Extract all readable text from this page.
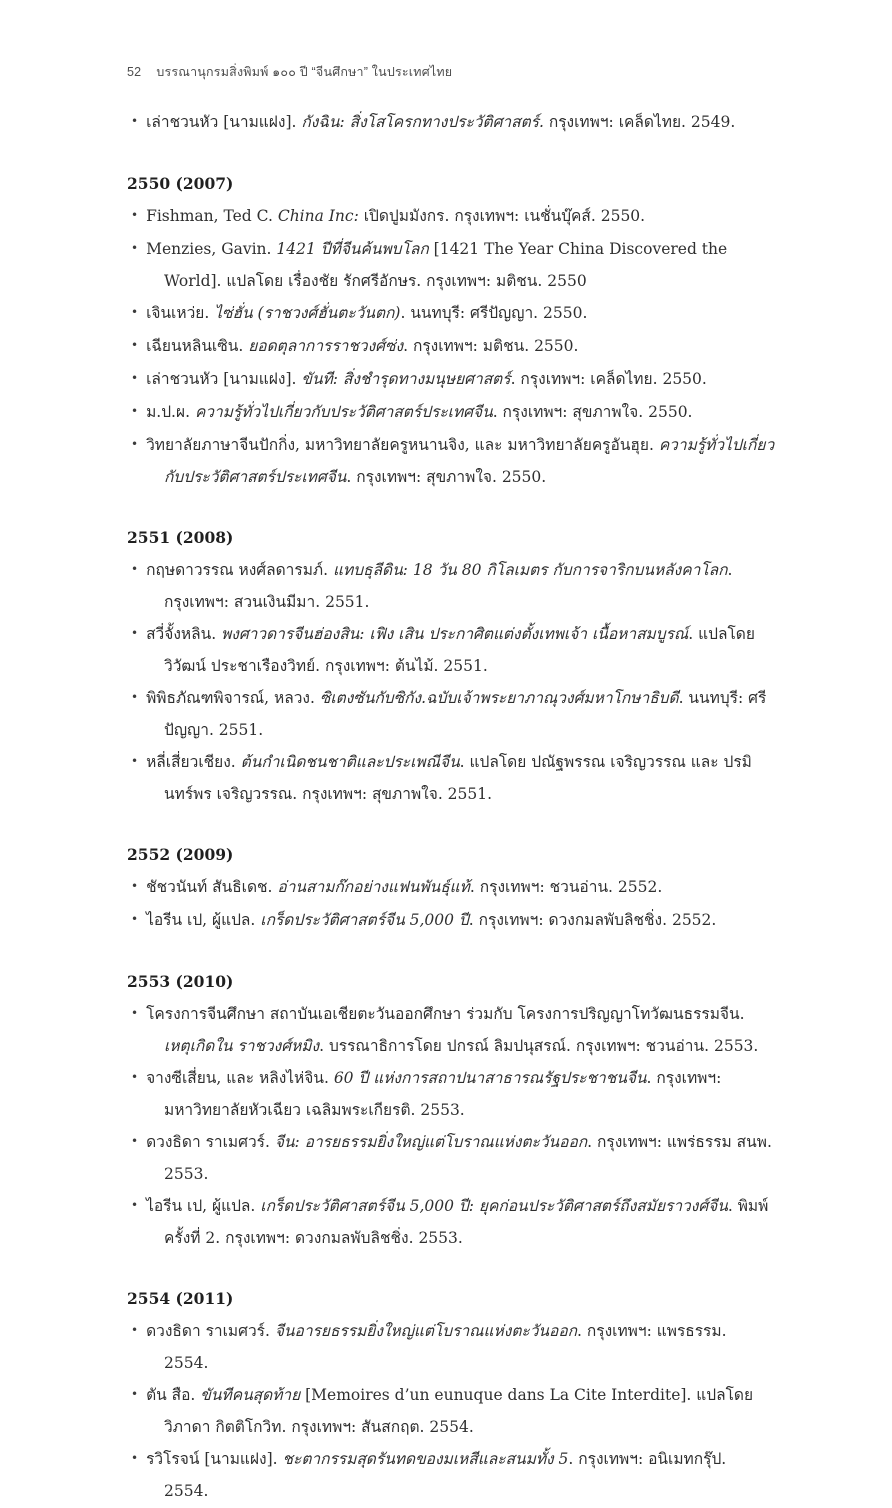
52 บรรณานุกรมสิ่งพิมพ์ ๑๐๐ ปี “จีนศึกษา” ในประเทศไทย
• เล่าชวนหัว [นามแฝง]. กังฉิน: สิ่งโสโครกทางประวัติศาสตร์. กรุงเทพฯ: เคล็ดไทย. 2549.
2550 (2007)
• Fishman, Ted C. China Inc: เปิดปูมมังกร. กรุงเทพฯ: เนชั่นบุ๊คส์. 2550.
• Menzies, Gavin. 1421 ปีที่จีนค้นพบโลก [1421 The Year China Discovered the World]. แปลโดย เรื่องชัย รักศรีอักษร. กรุงเทพฯ: มติชน. 2550
• เจินเหว่ย. ไซ่ฮั่น (ราชวงศ์ฮั่นตะวันตก). นนทบุรี: ศรีปัญญา. 2550.
• เฉียนหลินเซิน. ยอดตุลาการราชวงศ์ซ่ง. กรุงเทพฯ: มติชน. 2550.
• เล่าชวนหัว [นามแฝง]. ขันที: สิ่งชำรุดทางมนุษยศาสตร์. กรุงเทพฯ: เคล็ดไทย. 2550.
• ม.ป.ผ. ความรู้ทั่วไปเกี่ยวกับประวัติศาสตร์ประเทศจีน. กรุงเทพฯ: สุขภาพใจ. 2550.
• วิทยาลัยภาษาจีนปักกิ่ง, มหาวิทยาลัยครูหนานจิง, และ มหาวิทยาลัยครูอันฮุย. ความรู้ทั่วไปเกี่ยวกับประวัติศาสตร์ประเทศจีน. กรุงเทพฯ: สุขภาพใจ. 2550.
2551 (2008)
• กฤษดาวรรณ หงศ์ลดารมภ์. แทบธุลีดิน: 18 วัน 80 กิโลเมตร กับการจาริกบนหลังคาโลก. กรุงเทพฯ: สวนเงินมีมา. 2551.
• สวี่จั้งหลิน. พงศาวดารจีนฮ่องสิน: เฟิง เสิน ประกาศิตแต่งตั้งเทพเจ้า เนื้อหาสมบูรณ์. แปลโดย วิวัฒน์ ประชาเรืองวิทย์. กรุงเทพฯ: ต้นไม้. 2551.
• พิพิธภัณฑพิจารณ์, หลวง. ซิเตงซันกับซิกัง.ฉบับเจ้าพระยาภาณุวงศ์มหาโกษาธิบดี. นนทบุรี: ศรีปัญญา. 2551.
• หลี่เสี่ยวเชียง. ต้นกำเนิดชนชาติและประเพณีจีน. แปลโดย ปณัฐพรรณ เจริญวรรณ และ ปรมินทร์พร เจริญวรรณ. กรุงเทพฯ: สุขภาพใจ. 2551.
2552 (2009)
• ชัชวนันท์ สันธิเดช. อ่านสามก๊กอย่างแฟนพันธุ์แท้. กรุงเทพฯ: ชวนอ่าน. 2552.
• ไอรีน เป, ผู้แปล. เกร็ดประวัติศาสตร์จีน 5,000 ปี. กรุงเทพฯ: ดวงกมลพับลิชชิ่ง. 2552.
2553 (2010)
• โครงการจีนศึกษา สถาบันเอเชียตะวันออกศึกษา ร่วมกับ โครงการปริญญาโทวัฒนธรรมจีน. เหตุเกิดใน ราชวงศ์หมิง. บรรณาธิการโดย ปกรณ์ ลิมปนุสรณ์. กรุงเทพฯ: ชวนอ่าน. 2553.
• จางซีเสี่ยน, และ หลิงไห่จิน. 60 ปี แห่งการสถาปนาสาธารณรัฐประชาชนจีน. กรุงเทพฯ: มหาวิทยาลัยหัวเฉียว เฉลิมพระเกียรติ. 2553.
• ดวงธิดา ราเมศวร์. จีน: อารยธรรมยิ่งใหญ่แต่โบราณแห่งตะวันออก. กรุงเทพฯ: แพร่ธรรม สนพ. 2553.
• ไอรีน เป, ผู้แปล. เกร็ดประวัติศาสตร์จีน 5,000 ปี: ยุคก่อนประวัติศาสตร์ถึงสมัยราวงศ์จีน. พิมพ์ครั้งที่ 2. กรุงเทพฯ: ดวงกมลพับลิชชิ่ง. 2553.
2554 (2011)
• ดวงธิดา ราเมศวร์. จีนอารยธรรมยิ่งใหญ่แต่โบราณแห่งตะวันออก. กรุงเทพฯ: แพรธรรม. 2554.
• ตัน สือ. ขันทีคนสุดท้าย [Memoires d’un eunuque dans La Cite Interdite]. แปลโดย วิภาดา กิตติโกวิท. กรุงเทพฯ: สันสกฤต. 2554.
• รวิโรจน์ [นามแฝง]. ชะตากรรมสุดรันทดของมเหสีและสนมทั้ง 5. กรุงเทพฯ: อนิเมทกรุ๊ป. 2554.
